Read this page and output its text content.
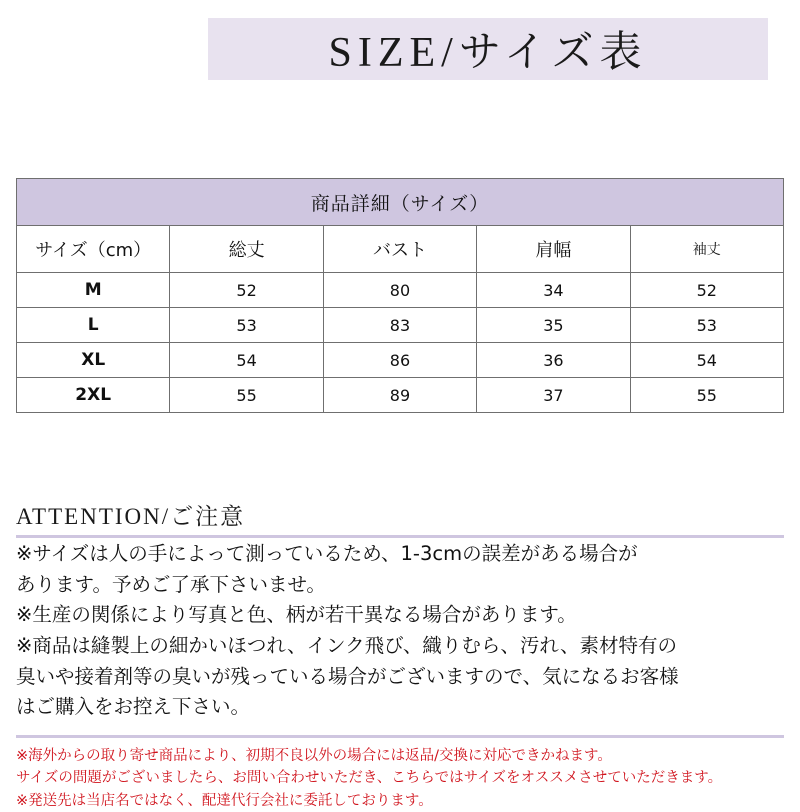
SIZE/サイズ表
商品詳細（サイズ）				
サイズ（cm）	総丈	バスト	肩幅	袖丈
M	52	80	34	52
L	53	83	35	53
XL	54	86	36	54
2XL	55	89	37	55
ATTENTION/ご注意

※サイズは人の手によって測っているため、1-3cmの誤差がある場合が

あります。予めご了承下さいませ。

※生産の関係により写真と色、柄が若干異なる場合があります。

※商品は縫製上の細かいほつれ、インク飛び、織りむら、汚れ、素材特有の

臭いや接着剤等の臭いが残っている場合がございますので、気になるお客様

はご購入をお控え下さい。

※海外からの取り寄せ商品により、初期不良以外の場合には返品/交換に対応できかねます。

サイズの問題がございましたら、お問い合わせいただき、こちらではサイズをオススメさせていただきます。

※発送先は当店名ではなく、配達代行会社に委託しております。
